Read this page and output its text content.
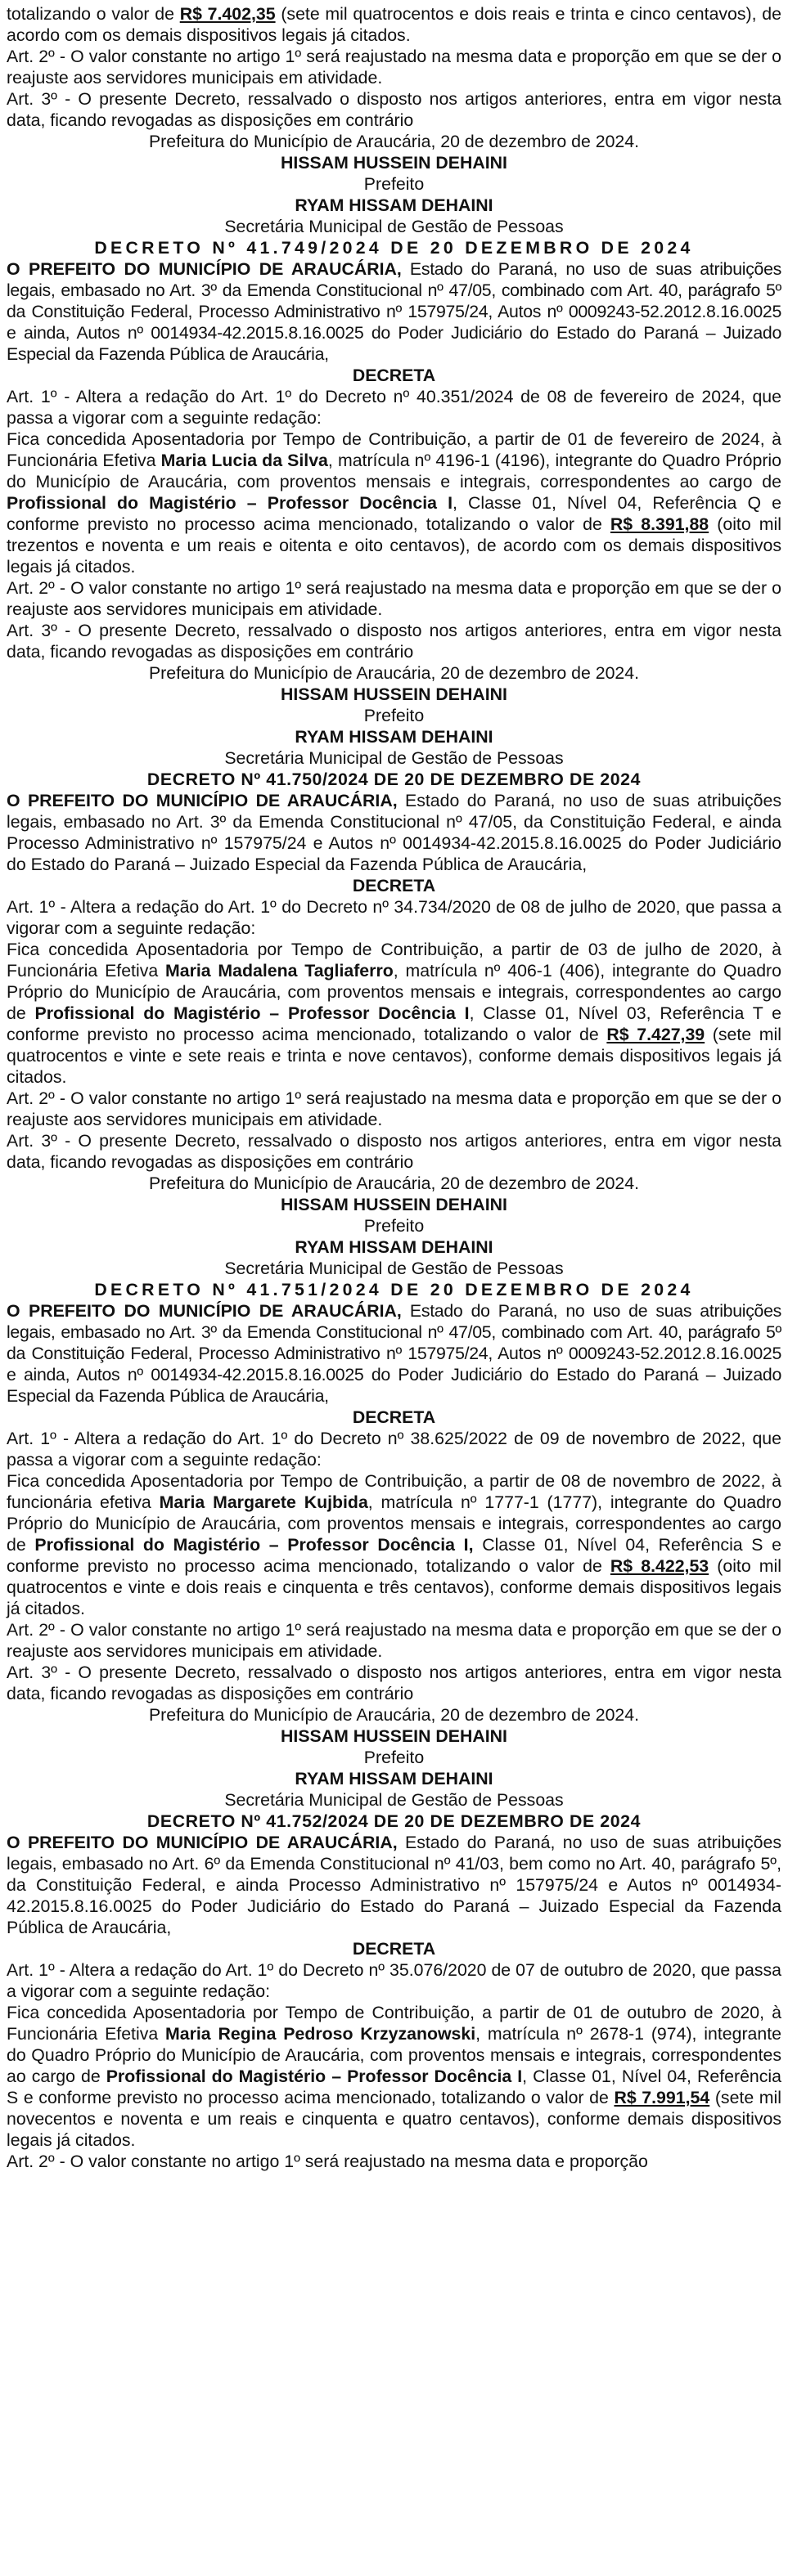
totalizando o valor de R$ 7.402,35 (sete mil quatrocentos e dois reais e trinta e cinco centavos), de acordo com os demais dispositivos legais já citados.

Art. 2º - O valor constante no artigo 1º será reajustado na mesma data e proporção em que se der o reajuste aos servidores municipais em atividade.

Art. 3º - O presente Decreto, ressalvado o disposto nos artigos anteriores, entra em vigor nesta data, ficando revogadas as disposições em contrário

Prefeitura do Município de Araucária, 20 de dezembro de 2024.

HISSAM HUSSEIN DEHAINI

Prefeito

RYAM HISSAM DEHAINI

Secretária Municipal de Gestão de Pessoas

DECRETO Nº 41.749/2024 DE 20 DEZEMBRO DE 2024

O PREFEITO DO MUNICÍPIO DE ARAUCÁRIA, Estado do Paraná, no uso de suas atribuições legais, embasado no Art. 3º da Emenda Constitucional nº 47/05, combinado com Art. 40, parágrafo 5º da Constituição Federal, Processo Administrativo nº 157975/24, Autos nº 0009243-52.2012.8.16.0025 e ainda, Autos nº 0014934-42.2015.8.16.0025 do Poder Judiciário do Estado do Paraná – Juizado Especial da Fazenda Pública de Araucária,

DECRETA

Art. 1º - Altera a redação do Art. 1º do Decreto nº 40.351/2024 de 08 de fevereiro de 2024, que passa a vigorar com a seguinte redação:

Fica concedida Aposentadoria por Tempo de Contribuição, a partir de 01 de fevereiro de 2024, à Funcionária Efetiva Maria Lucia da Silva, matrícula nº 4196-1 (4196), integrante do Quadro Próprio do Município de Araucária, com proventos mensais e integrais, correspondentes ao cargo de Profissional do Magistério – Professor Docência I, Classe 01, Nível 04, Referência Q e conforme previsto no processo acima mencionado, totalizando o valor de R$ 8.391,88 (oito mil trezentos e noventa e um reais e oitenta e oito centavos), de acordo com os demais dispositivos legais já citados.

Art. 2º - O valor constante no artigo 1º será reajustado na mesma data e proporção em que se der o reajuste aos servidores municipais em atividade.

Art. 3º - O presente Decreto, ressalvado o disposto nos artigos anteriores, entra em vigor nesta data, ficando revogadas as disposições em contrário

Prefeitura do Município de Araucária, 20 de dezembro de 2024.

HISSAM HUSSEIN DEHAINI

Prefeito

RYAM HISSAM DEHAINI

Secretária Municipal de Gestão de Pessoas

DECRETO Nº 41.750/2024 DE 20 DE DEZEMBRO DE 2024

O PREFEITO DO MUNICÍPIO DE ARAUCÁRIA, Estado do Paraná, no uso de suas atribuições legais, embasado no Art. 3º da Emenda Constitucional nº 47/05, da Constituição Federal, e ainda Processo Administrativo nº 157975/24 e Autos nº 0014934-42.2015.8.16.0025 do Poder Judiciário do Estado do Paraná – Juizado Especial da Fazenda Pública de Araucária,

DECRETA

Art. 1º - Altera a redação do Art. 1º do Decreto nº 34.734/2020 de 08 de julho de 2020, que passa a vigorar com a seguinte redação:

Fica concedida Aposentadoria por Tempo de Contribuição, a partir de 03 de julho de 2020, à Funcionária Efetiva Maria Madalena Tagliaferro, matrícula nº 406-1 (406), integrante do Quadro Próprio do Município de Araucária, com proventos mensais e integrais, correspondentes ao cargo de Profissional do Magistério – Professor Docência I, Classe 01, Nível 03, Referência T e conforme previsto no processo acima mencionado, totalizando o valor de R$ 7.427,39 (sete mil quatrocentos e vinte e sete reais e trinta e nove centavos), conforme demais dispositivos legais já citados.

Art. 2º - O valor constante no artigo 1º será reajustado na mesma data e proporção em que se der o reajuste aos servidores municipais em atividade.

Art. 3º - O presente Decreto, ressalvado o disposto nos artigos anteriores, entra em vigor nesta data, ficando revogadas as disposições em contrário

Prefeitura do Município de Araucária, 20 de dezembro de 2024.

HISSAM HUSSEIN DEHAINI

Prefeito

RYAM HISSAM DEHAINI

Secretária Municipal de Gestão de Pessoas

DECRETO Nº 41.751/2024 DE 20 DEZEMBRO DE 2024

O PREFEITO DO MUNICÍPIO DE ARAUCÁRIA, Estado do Paraná, no uso de suas atribuições legais, embasado no Art. 3º da Emenda Constitucional nº 47/05, combinado com Art. 40, parágrafo 5º da Constituição Federal, Processo Administrativo nº 157975/24, Autos nº 0009243-52.2012.8.16.0025 e ainda, Autos nº 0014934-42.2015.8.16.0025 do Poder Judiciário do Estado do Paraná – Juizado Especial da Fazenda Pública de Araucária,

DECRETA

Art. 1º - Altera a redação do Art. 1º do Decreto nº 38.625/2022 de 09 de novembro de 2022, que passa a vigorar com a seguinte redação:

Fica concedida Aposentadoria por Tempo de Contribuição, a partir de 08 de novembro de 2022, à funcionária efetiva Maria Margarete Kujbida, matrícula nº 1777-1 (1777), integrante do Quadro Próprio do Município de Araucária, com proventos mensais e integrais, correspondentes ao cargo de Profissional do Magistério – Professor Docência I, Classe 01, Nível 04, Referência S e conforme previsto no processo acima mencionado, totalizando o valor de R$ 8.422,53 (oito mil quatrocentos e vinte e dois reais e cinquenta e três centavos), conforme demais dispositivos legais já citados.

Art. 2º - O valor constante no artigo 1º será reajustado na mesma data e proporção em que se der o reajuste aos servidores municipais em atividade.

Art. 3º - O presente Decreto, ressalvado o disposto nos artigos anteriores, entra em vigor nesta data, ficando revogadas as disposições em contrário

Prefeitura do Município de Araucária, 20 de dezembro de 2024.

HISSAM HUSSEIN DEHAINI

Prefeito

RYAM HISSAM DEHAINI

Secretária Municipal de Gestão de Pessoas

DECRETO Nº 41.752/2024 DE 20 DE DEZEMBRO DE 2024

O PREFEITO DO MUNICÍPIO DE ARAUCÁRIA, Estado do Paraná, no uso de suas atribuições legais, embasado no Art. 6º da Emenda Constitucional nº 41/03, bem como no Art. 40, parágrafo 5º, da Constituição Federal, e ainda Processo Administrativo nº 157975/24 e Autos nº 0014934-42.2015.8.16.0025 do Poder Judiciário do Estado do Paraná – Juizado Especial da Fazenda Pública de Araucária,

DECRETA

Art. 1º - Altera a redação do Art. 1º do Decreto nº 35.076/2020 de 07 de outubro de 2020, que passa a vigorar com a seguinte redação:

Fica concedida Aposentadoria por Tempo de Contribuição, a partir de 01 de outubro de 2020, à Funcionária Efetiva Maria Regina Pedroso Krzyzanowski, matrícula nº 2678-1 (974), integrante do Quadro Próprio do Município de Araucária, com proventos mensais e integrais, correspondentes ao cargo de Profissional do Magistério – Professor Docência I, Classe 01, Nível 04, Referência S e conforme previsto no processo acima mencionado, totalizando o valor de R$ 7.991,54 (sete mil novecentos e noventa e um reais e cinquenta e quatro centavos), conforme demais dispositivos legais já citados.

Art. 2º - O valor constante no artigo 1º será reajustado na mesma data e proporção
